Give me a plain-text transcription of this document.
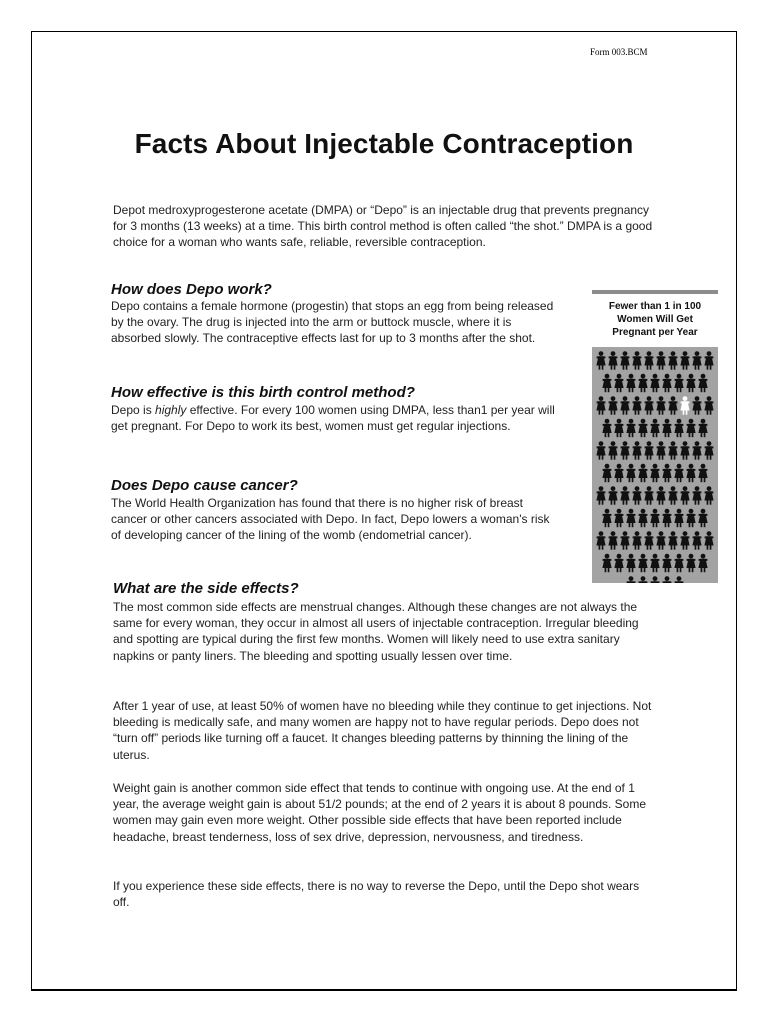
Form 003.BCM
Facts About Injectable Contraception

Depot medroxyprogesterone acetate (DMPA) or “Depo” is an injectable drug that prevents pregnancy for 3 months (13 weeks) at a time. This birth control method is often called “the shot.” DMPA is a good choice for a woman who wants safe, reliable, reversible contraception.

How does Depo work?

Depo contains a female hormone (progestin) that stops an egg from being released by the ovary. The drug is injected into the arm or buttock muscle, where it is absorbed slowly. The contraceptive effects last for up to 3 months after the shot.

How effective is this birth control method?

Depo is highly effective. For every 100 women using DMPA, less than1 per year will get pregnant. For Depo to work its best, women must get regular injections.

Does Depo cause cancer?

The World Health Organization has found that there is no higher risk of breast cancer or other cancers associated with Depo. In fact, Depo lowers a woman's risk of developing cancer of the lining of the womb (endometrial cancer).

What are the side effects?

The most common side effects are menstrual changes. Although these changes are not always the same for every woman, they occur in almost all users of injectable contraception. Irregular bleeding and spotting are typical during the first few months. Women will likely need to use extra sanitary napkins or panty liners. The bleeding and spotting usually lessen over time.

After 1 year of use, at least 50% of women have no bleeding while they continue to get injections. Not bleeding is medically safe, and many women are happy not to have regular periods. Depo does not “turn off” periods like turning off a faucet. It changes bleeding patterns by thinning the lining of the uterus.

Weight gain is another common side effect that tends to continue with ongoing use. At the end of 1 year, the average weight gain is about 51/2 pounds; at the end of 2 years it is about 8 pounds. Some women may gain even more weight. Other possible side effects that have been reported include headache, breast tenderness, loss of sex drive, depression, nervousness, and tiredness.

If you experience these side effects, there is no way to reverse the Depo, until the Depo shot wears off.

Fewer than 1 in 100
Women Will Get
Pregnant per Year
